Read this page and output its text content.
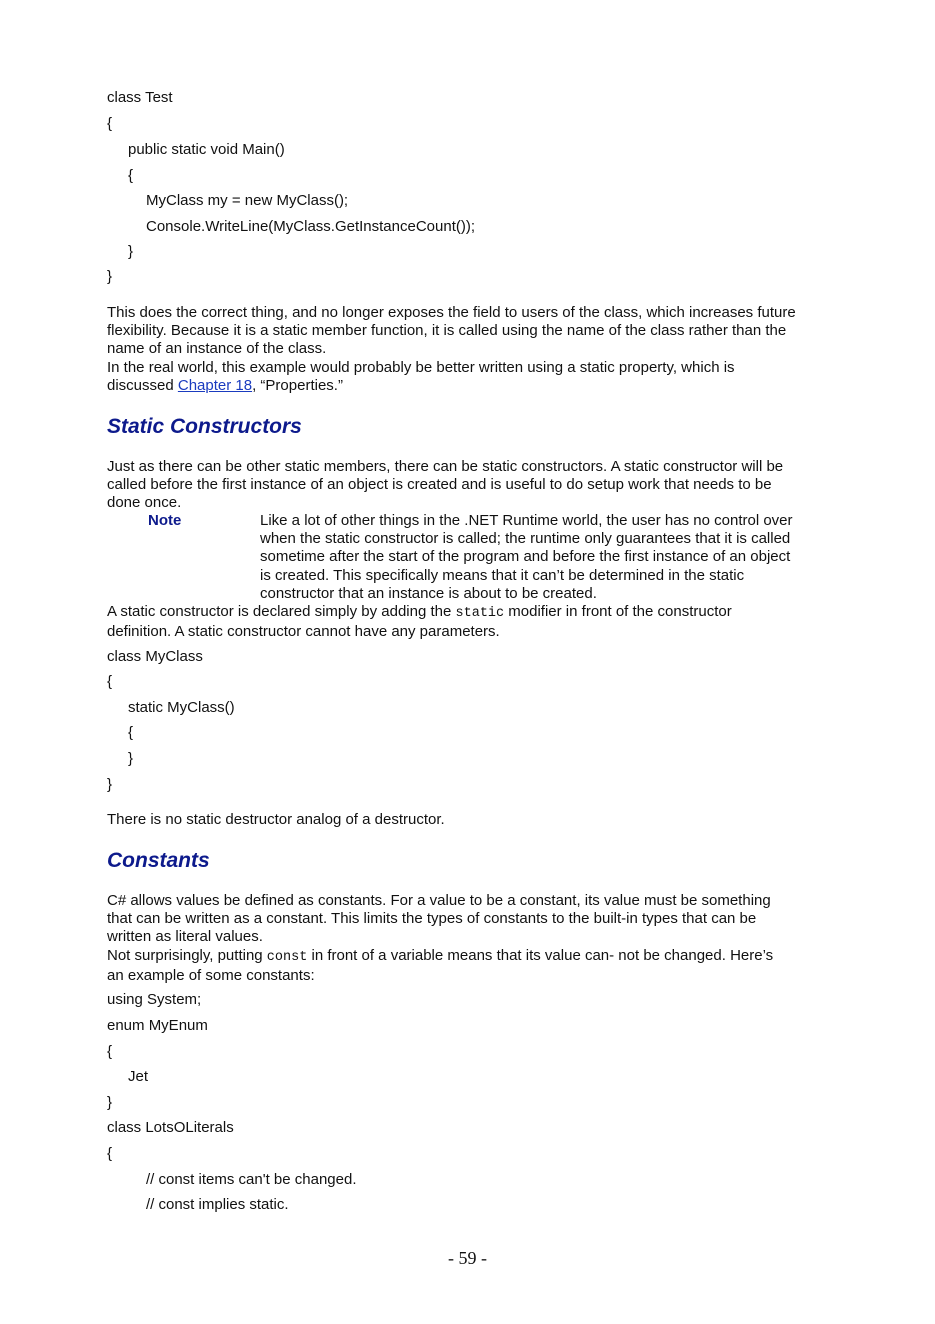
class Test
{
public static void Main()
{
MyClass my = new MyClass();
Console.WriteLine(MyClass.GetInstanceCount());
}
}

This does the correct thing, and no longer exposes the field to users of the class, which increases future
flexibility. Because it is a static member function, it is called using the name of the class rather than the
name of an instance of the class.

In the real world, this example would probably be better written using a static property, which is
discussed Chapter 18, “Properties.”

Static Constructors

Just as there can be other static members, there can be static constructors. A static constructor will be
called before the first instance of an object is created and is useful to do setup work that needs to be
done once.

Note	Like a lot of other things in the .NET Runtime world, the user has no control over
when the static constructor is called; the runtime only guarantees that it is called
sometime after the start of the program and before the first instance of an object
is created. This specifically means that it can’t be determined in the static
constructor that an instance is about to be created.

A static constructor is declared simply by adding the static modifier in front of the constructor
definition. A static constructor cannot have any parameters.

class MyClass
{
static MyClass()
{
}
}

There is no static destructor analog of a destructor.

Constants

C# allows values be defined as constants. For a value to be a constant, its value must be something
that can be written as a constant. This limits the types of constants to the built-in types that can be
written as literal values.

Not surprisingly, putting const in front of a variable means that its value can- not be changed. Here’s
an example of some constants:

using System;
enum MyEnum
{
Jet
}
class LotsOLiterals
{
// const items can't be changed.
// const implies static.
- 59 -
